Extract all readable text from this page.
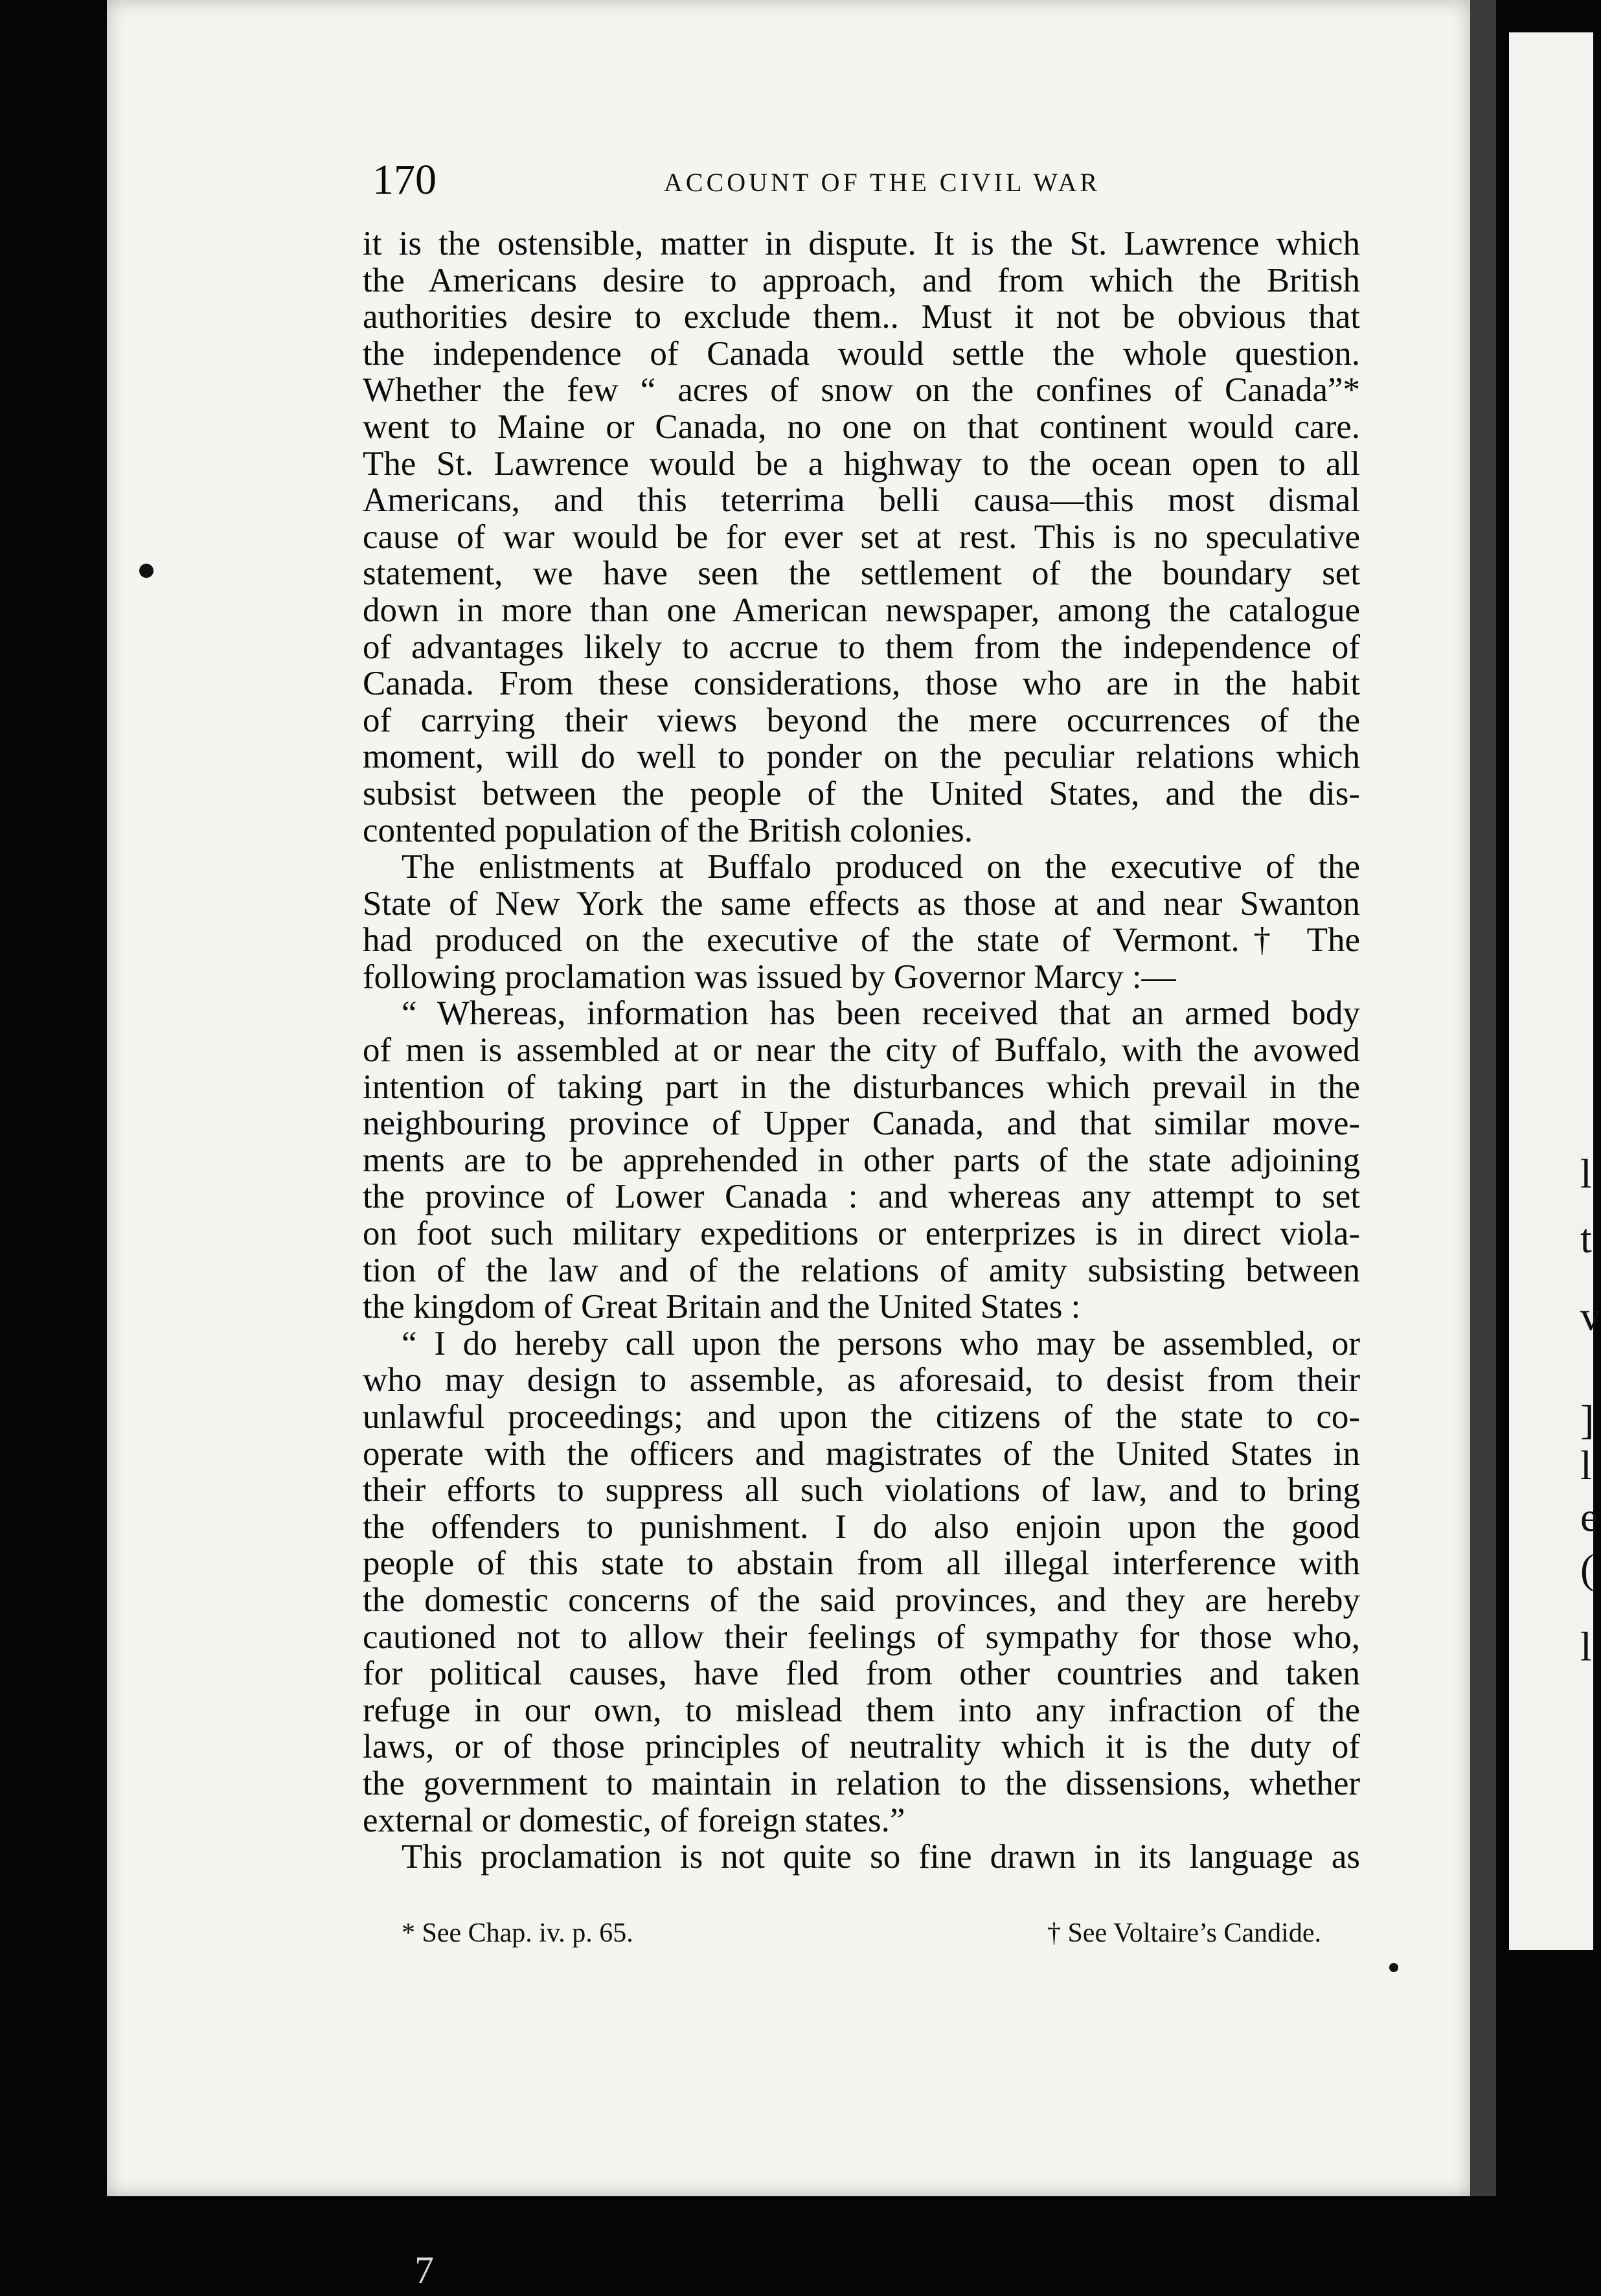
170	ACCOUNT OF THE CIVIL WAR
it is the ostensible, matter in dispute. It is the St. Lawrence which
the Americans desire to approach, and from which the British
authorities desire to exclude them.. Must it not be obvious that
the independence of Canada would settle the whole question.
Whether the few “ acres of snow on the confines of Canada”*
went to Maine or Canada, no one on that continent would care.
The St. Lawrence would be a highway to the ocean open to all
Americans, and this teterrima belli causa—this most dismal
cause of war would be for ever set at rest. This is no speculative
statement, we have seen the settlement of the boundary set
down in more than one American newspaper, among the catalogue
of advantages likely to accrue to them from the independence of
Canada. From these considerations, those who are in the habit
of carrying their views beyond the mere occurrences of the
moment, will do well to ponder on the peculiar relations which
subsist between the people of the United States, and the dis-
contented population of the British colonies.
The enlistments at Buffalo produced on the executive of the
State of New York the same effects as those at and near Swanton
had produced on the executive of the state of Vermont.† The
following proclamation was issued by Governor Marcy :—
“ Whereas, information has been received that an armed body
of men is assembled at or near the city of Buffalo, with the avowed
intention of taking part in the disturbances which prevail in the
neighbouring province of Upper Canada, and that similar move-
ments are to be apprehended in other parts of the state adjoining
the province of Lower Canada : and whereas any attempt to set
on foot such military expeditions or enterprizes is in direct viola-
tion of the law and of the relations of amity subsisting between
the kingdom of Great Britain and the United States :
“ I do hereby call upon the persons who may be assembled, or
who may design to assemble, as aforesaid, to desist from their
unlawful proceedings; and upon the citizens of the state to co-
operate with the officers and magistrates of the United States in
their efforts to suppress all such violations of law, and to bring
the offenders to punishment. I do also enjoin upon the good
people of this state to abstain from all illegal interference with
the domestic concerns of the said provinces, and they are hereby
cautioned not to allow their feelings of sympathy for those who,
for political causes, have fled from other countries and taken
refuge in our own, to mislead them into any infraction of the
laws, or of those principles of neutrality which it is the duty of
the government to maintain in relation to the dissensions, whether
external or domestic, of foreign states.”
This proclamation is not quite so fine drawn in its language as
* See Chap. iv. p. 65.	† See Voltaire’s Candide.
l
t
v
]
l
e
(
l
7
